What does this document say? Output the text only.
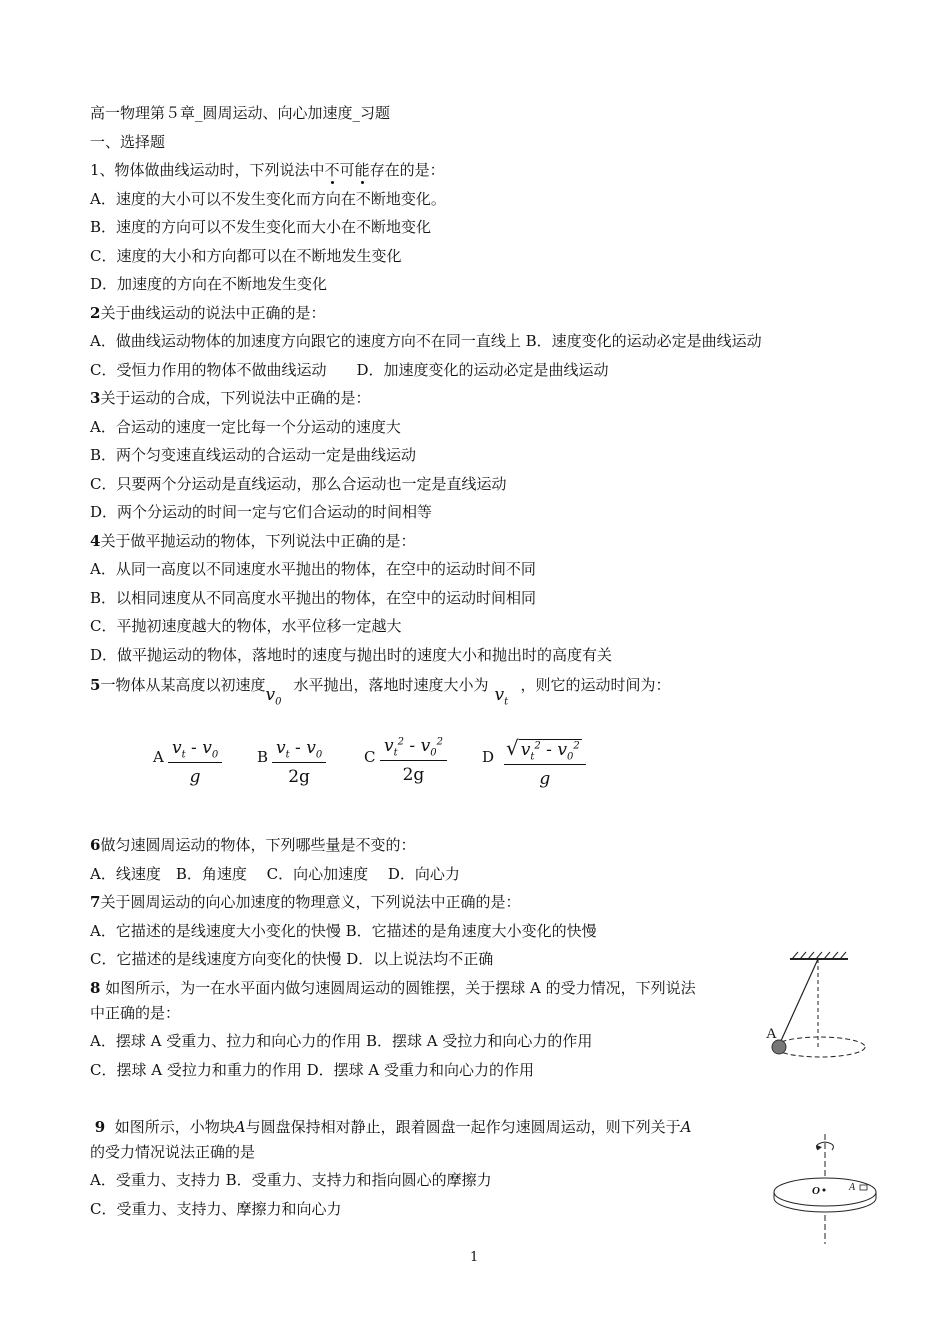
高一物理第５章_圆周运动、向心加速度_习题
一、选择题
1、物体做曲线运动时，下列说法中不可能存在的是：
A．速度的大小可以不发生变化而方向在不断地变化。
B．速度的方向可以不发生变化而大小在不断地变化
C．速度的大小和方向都可以在不断地发生变化
D．加速度的方向在不断地发生变化
2关于曲线运动的说法中正确的是：
A．做曲线运动物体的加速度方向跟它的速度方向不在同一直线上 B．速度变化的运动必定是曲线运动
C．受恒力作用的物体不做曲线运动　　D．加速度变化的运动必定是曲线运动
3关于运动的合成，下列说法中正确的是：
A．合运动的速度一定比每一个分运动的速度大
B．两个匀变速直线运动的合运动一定是曲线运动
C．只要两个分运动是直线运动，那么合运动也一定是直线运动
D．两个分运动的时间一定与它们合运动的时间相等
4关于做平抛运动的物体，下列说法中正确的是：
A．从同一高度以不同速度水平抛出的物体，在空中的运动时间不同
B．以相同速度从不同高度水平抛出的物体，在空中的运动时间相同
C．平抛初速度越大的物体，水平位移一定越大
D．做平抛运动的物体，落地时的速度与抛出时的速度大小和抛出时的高度有关
5一物体从某高度以初速度$v_0$水平抛出，落地时速度大小为 $v_t$，则它的运动时间为：
A $\frac{v_t - v_0}{g}$ B $\frac{v_t - v_0}{2g}$	C $\frac{v_t^2 - v_0^2}{2g}$ D $\frac{√ v_t^2 - v_0^2}{g}$
6做匀速圆周运动的物体，下列哪些量是不变的：
A．线速度　B．角速度　 C．向心加速度　 D．向心力
7关于圆周运动的向心加速度的物理意义，下列说法中正确的是：
A．它描述的是线速度大小变化的快慢 B．它描述的是角速度大小变化的快慢
C．它描述的是线速度方向变化的快慢 D．以上说法均不正确
8 如图所示，为一在水平面内做匀速圆周运动的圆锥摆，关于摆球 A 的受力情况，下列说法
中正确的是：
A．摆球 A 受重力、拉力和向心力的作用 B．摆球 A 受拉力和向心力的作用
C．摆球 A 受拉力和重力的作用 D．摆球 A 受重力和向心力的作用
A
9 如图所示，小物块A与圆盘保持相对静止，跟着圆盘一起作匀速圆周运动，则下列关于A
的受力情况说法正确的是
A．受重力、支持力 B．受重力、支持力和指向圆心的摩擦力
C．受重力、支持力、摩擦力和向心力
O	A
1
